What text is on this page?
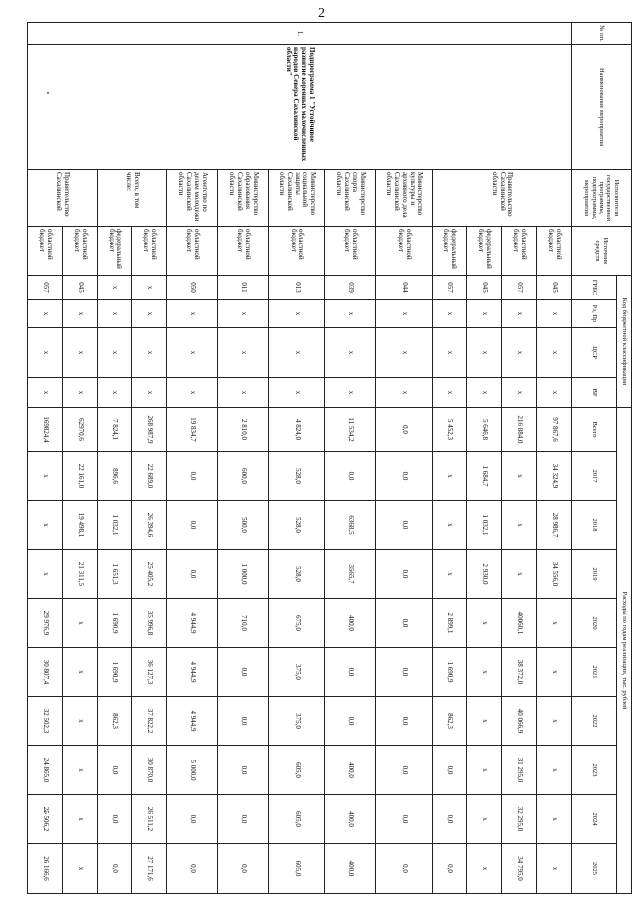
2
№ пп.	Наименование мероприятия	Исполнители государственной программы, подпрограммы, мероприятия	Источник средств	Код бюджетной классификации				Расходы по годам реализации, тыс. рублей									
				ГРБС	Рз, Пр	ЦСР	ВР	Всего	2017	2018	2019	2020	2021	2022	2023	2024	2025

1.	Подпрограмма 1 "Устойчивое развитие коренных малочисленных народов Севера Сахалинской области"	Правительство Сахалинской области	областной бюджет	045	х	х	х	97 867,6	34 324,9	28 986,7	34 556,0	х	х	х	х	х	х
			областной бюджет	057	х	х	х	216 884,0	х	х	х	40060,1	38 372,0	40 066,9	31 295,0	32 295,0	34 795,0
			федеральный бюджет	045	х	х	х	5 646,8	1 684,7	1 032,1	2 930,0	х	х	х	х	х	х
			федеральный бюджет	057	х	х	х	5 452,3	х	х	х	2 899,1	1 690,9	862,3	0,0	0,0	0,0
		Министерство культуры и архивного дела Сахалинской области	областной бюджет	044	х	х	х	0,0	0,0	0,0	0,0	0,0	0,0	0,0	0,0	0,0	0,0
		Министерство спорта Сахалинской области	областной бюджет	039	х	х	х	11 534,2	0,0	6368,5	3565,7	400,0	0,0	0,0	400,0	400,0	400,0
		Министерство социальной защиты Сахалинской области	областной бюджет	013	х	х	х	4 824,0	528,0	528,0	528,0	675,0	375,0	375,0	605,0	605,0	605,0
		Министерство образования Сахалинской области	областной бюджет	011	х	х	х	2 810,0	600,0	500,0	1 000,0	710,0	0,0	0,0	0,0	0,0	0,0
		Агентство по делам молодежи Сахалинской области	областной бюджет	050	х	х	х	19 834,7	0,0	0,0	0,0	4 944,9	4 944,9	4 944,9	5 000,0	0,0	0,0
		Всего, в том числе:	областной бюджет	х	х	х	х	268 987,9	22 689,0	26 394,6	25 405,2	35 996,8	36 127,3	37 822,2	30 870,0	26 511,2	27 171,6
			федеральный бюджет	х	х	х	х	7 824,1	896,6	1 032,1	1 651,3	1 690,9	1 690,9	862,3	0,0	0,0	0,0
		Правительство Сахалинской	областной бюджет	045	х	х	х	62970,6	22 161,0	19 498,1	21 311,5	х	х	х	х	х	х
			областной бюджет	057	х	х	х	169824,4	х	х	х	29 976,9	30 807,4	32 502,3	24 865,0	25 506,2	26 166,6
